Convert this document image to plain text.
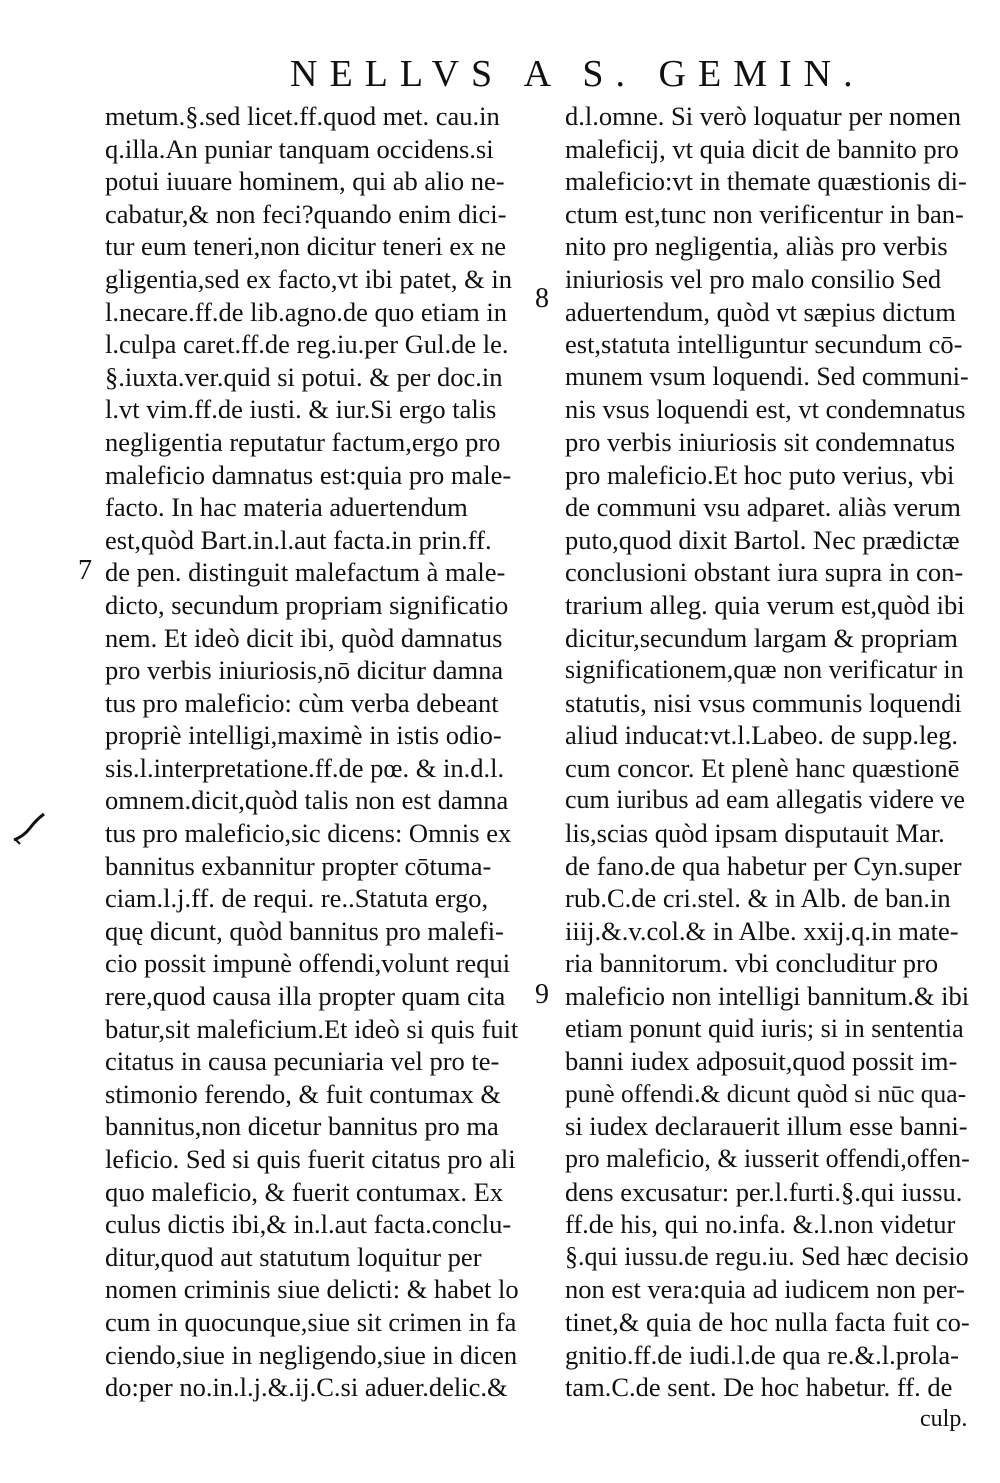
NELLVS A S. GEMIN.
metum.§.sed licet.ff.quod met. cau.in
q.illa.An puniar tanquam occidens.si
potui iuuare hominem, qui ab alio ne-
cabatur,& non feci?quando enim dici-
tur eum teneri,non dicitur teneri ex ne
gligentia,sed ex facto,vt ibi patet, & in
l.necare.ff.de lib.agno.de quo etiam in
l.culpa caret.ff.de reg.iu.per Gul.de le.
§.iuxta.ver.quid si potui. & per doc.in
l.vt vim.ff.de iusti. & iur.Si ergo talis
negligentia reputatur factum,ergo pro
maleficio damnatus est:quia pro male-
facto. In hac materia aduertendum
est,quòd Bart.in.l.aut facta.in prin.ff.
de pen. distinguit malefactum à male-
dicto, secundum propriam significatio
nem. Et ideò dicit ibi, quòd damnatus
pro verbis iniuriosis,nō dicitur damna
tus pro maleficio: cùm verba debeant
propriè intelligi,maximè in istis odio-
sis.l.interpretatione.ff.de pœ. & in.d.l.
omnem.dicit,quòd talis non est damna
tus pro maleficio,sic dicens: Omnis ex
bannitus exbannitur propter cōtuma-
ciam.l.j.ff. de requi. re..Statuta ergo,
quę dicunt, quòd bannitus pro malefi-
cio possit impunè offendi,volunt requi
rere,quod causa illa propter quam cita
batur,sit maleficium.Et ideò si quis fuit
citatus in causa pecuniaria vel pro te-
stimonio ferendo, & fuit contumax &
bannitus,non dicetur bannitus pro ma
leficio. Sed si quis fuerit citatus pro ali
quo maleficio, & fuerit contumax. Ex
culus dictis ibi,& in.l.aut facta.conclu-
ditur,quod aut statutum loquitur per
nomen criminis siue delicti: & habet lo
cum in quocunque,siue sit crimen in fa
ciendo,siue in negligendo,siue in dicen
do:per no.in.l.j.&.ij.C.si aduer.delic.&
d.l.omne. Si verò loquatur per nomen
maleficij, vt quia dicit de bannito pro
maleficio:vt in themate quæstionis di-
ctum est,tunc non verificentur in ban-
nito pro negligentia, aliàs pro verbis
iniuriosis vel pro malo consilio Sed
aduertendum, quòd vt sæpius dictum
est,statuta intelliguntur secundum cō-
munem vsum loquendi. Sed communi-
nis vsus loquendi est, vt condemnatus
pro verbis iniuriosis sit condemnatus
pro maleficio.Et hoc puto verius, vbi
de communi vsu adparet. aliàs verum
puto,quod dixit Bartol. Nec prædictæ
conclusioni obstant iura supra in con-
trarium alleg. quia verum est,quòd ibi
dicitur,secundum largam & propriam
significationem,quæ non verificatur in
statutis, nisi vsus communis loquendi
aliud inducat:vt.l.Labeo. de supp.leg.
cum concor. Et plenè hanc quæstionē
cum iuribus ad eam allegatis videre ve
lis,scias quòd ipsam disputauit Mar.
de fano.de qua habetur per Cyn.super
rub.C.de cri.stel. & in Alb. de ban.in
iiij.&.v.col.& in Albe. xxij.q.in mate-
ria bannitorum. vbi concluditur pro
maleficio non intelligi bannitum.& ibi
etiam ponunt quid iuris; si in sententia
banni iudex adposuit,quod possit im-
punè offendi.& dicunt quòd si nūc qua-
si iudex declarauerit illum esse banni-
pro maleficio, & iusserit offendi,offen-
dens excusatur: per.l.furti.§.qui iussu.
ff.de his, qui no.infa. &.l.non videtur
§.qui iussu.de regu.iu. Sed hæc decisio
non est vera:quia ad iudicem non per-
tinet,& quia de hoc nulla facta fuit co-
gnitio.ff.de iudi.l.de qua re.&.l.prola-
tam.C.de sent. De hoc habetur. ff. de
7
8
9
culp.
